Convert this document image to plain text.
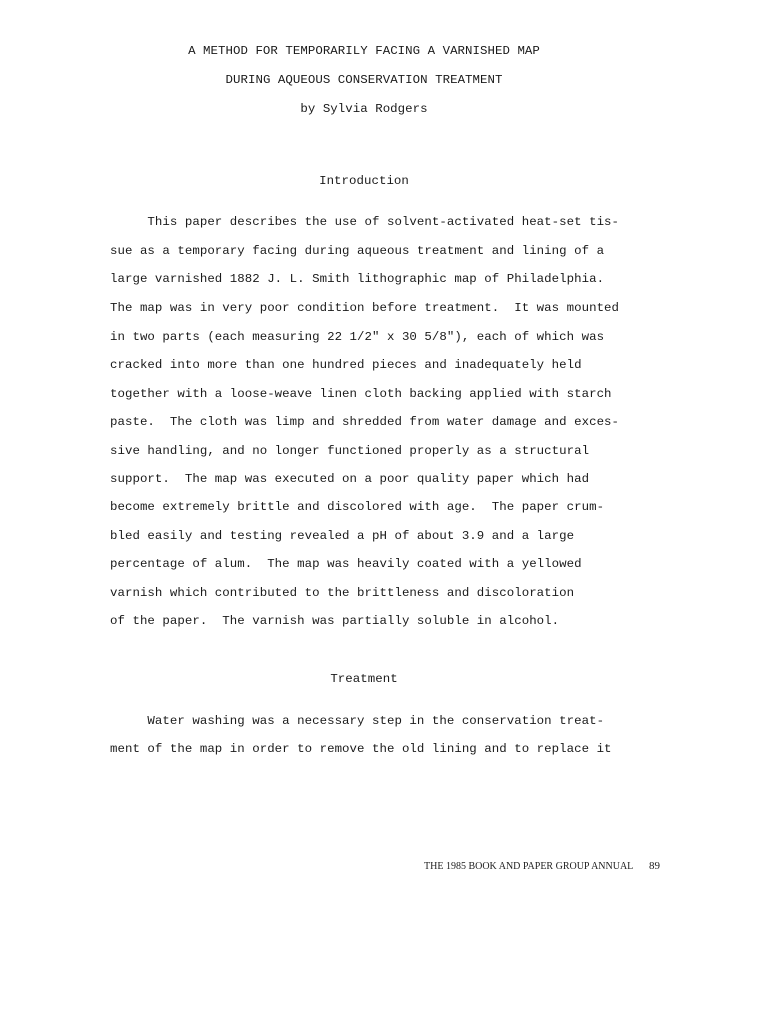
A METHOD FOR TEMPORARILY FACING A VARNISHED MAP
DURING AQUEOUS CONSERVATION TREATMENT
by Sylvia Rodgers
Introduction
This paper describes the use of solvent-activated heat-set tis-
sue as a temporary facing during aqueous treatment and lining of a
large varnished 1882 J. L. Smith lithographic map of Philadelphia.
The map was in very poor condition before treatment.  It was mounted
in two parts (each measuring 22 1/2" x 30 5/8"), each of which was
cracked into more than one hundred pieces and inadequately held
together with a loose-weave linen cloth backing applied with starch
paste.  The cloth was limp and shredded from water damage and exces-
sive handling, and no longer functioned properly as a structural
support.  The map was executed on a poor quality paper which had
become extremely brittle and discolored with age.  The paper crum-
bled easily and testing revealed a pH of about 3.9 and a large
percentage of alum.  The map was heavily coated with a yellowed
varnish which contributed to the brittleness and discoloration
of the paper.  The varnish was partially soluble in alcohol.
Treatment
Water washing was a necessary step in the conservation treat-
ment of the map in order to remove the old lining and to replace it
THE 1985 BOOK AND PAPER GROUP ANNUAL 89
